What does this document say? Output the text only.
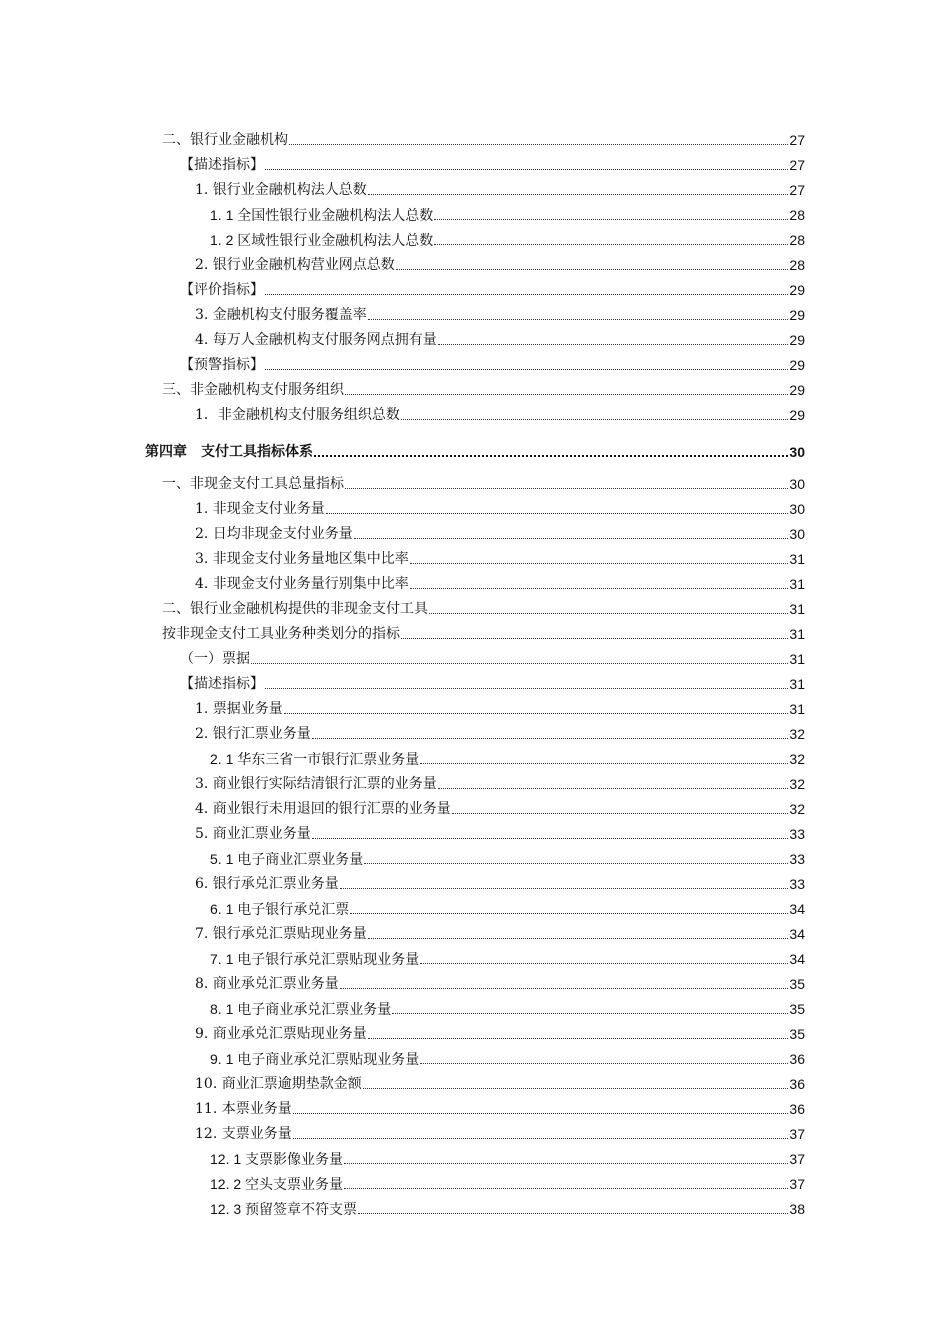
二、银行业金融机构	27
【描述指标】	27
1. 银行业金融机构法人总数	27
1. 1 全国性银行业金融机构法人总数	28
1. 2 区域性银行业金融机构法人总数	28
2. 银行业金融机构营业网点总数	28
【评价指标】	29
3. 金融机构支付服务覆盖率	29
4. 每万人金融机构支付服务网点拥有量	29
【预警指标】	29
三、非金融机构支付服务组织	29
1．非金融机构支付服务组织总数	29
第四章　支付工具指标体系	30
一、非现金支付工具总量指标	30
1. 非现金支付业务量	30
2. 日均非现金支付业务量	30
3. 非现金支付业务量地区集中比率	31
4. 非现金支付业务量行别集中比率	31
二、银行业金融机构提供的非现金支付工具	31
按非现金支付工具业务种类划分的指标	31
（一）票据	31
【描述指标】	31
1. 票据业务量	31
2. 银行汇票业务量	32
2. 1 华东三省一市银行汇票业务量	32
3. 商业银行实际结清银行汇票的业务量	32
4. 商业银行未用退回的银行汇票的业务量	32
5. 商业汇票业务量	33
5. 1 电子商业汇票业务量	33
6. 银行承兑汇票业务量	33
6. 1 电子银行承兑汇票	34
7. 银行承兑汇票贴现业务量	34
7. 1 电子银行承兑汇票贴现业务量	34
8. 商业承兑汇票业务量	35
8. 1 电子商业承兑汇票业务量	35
9. 商业承兑汇票贴现业务量	35
9. 1 电子商业承兑汇票贴现业务量	36
10. 商业汇票逾期垫款金额	36
11. 本票业务量	36
12. 支票业务量	37
12. 1 支票影像业务量	37
12. 2 空头支票业务量	37
12. 3 预留签章不符支票	38
